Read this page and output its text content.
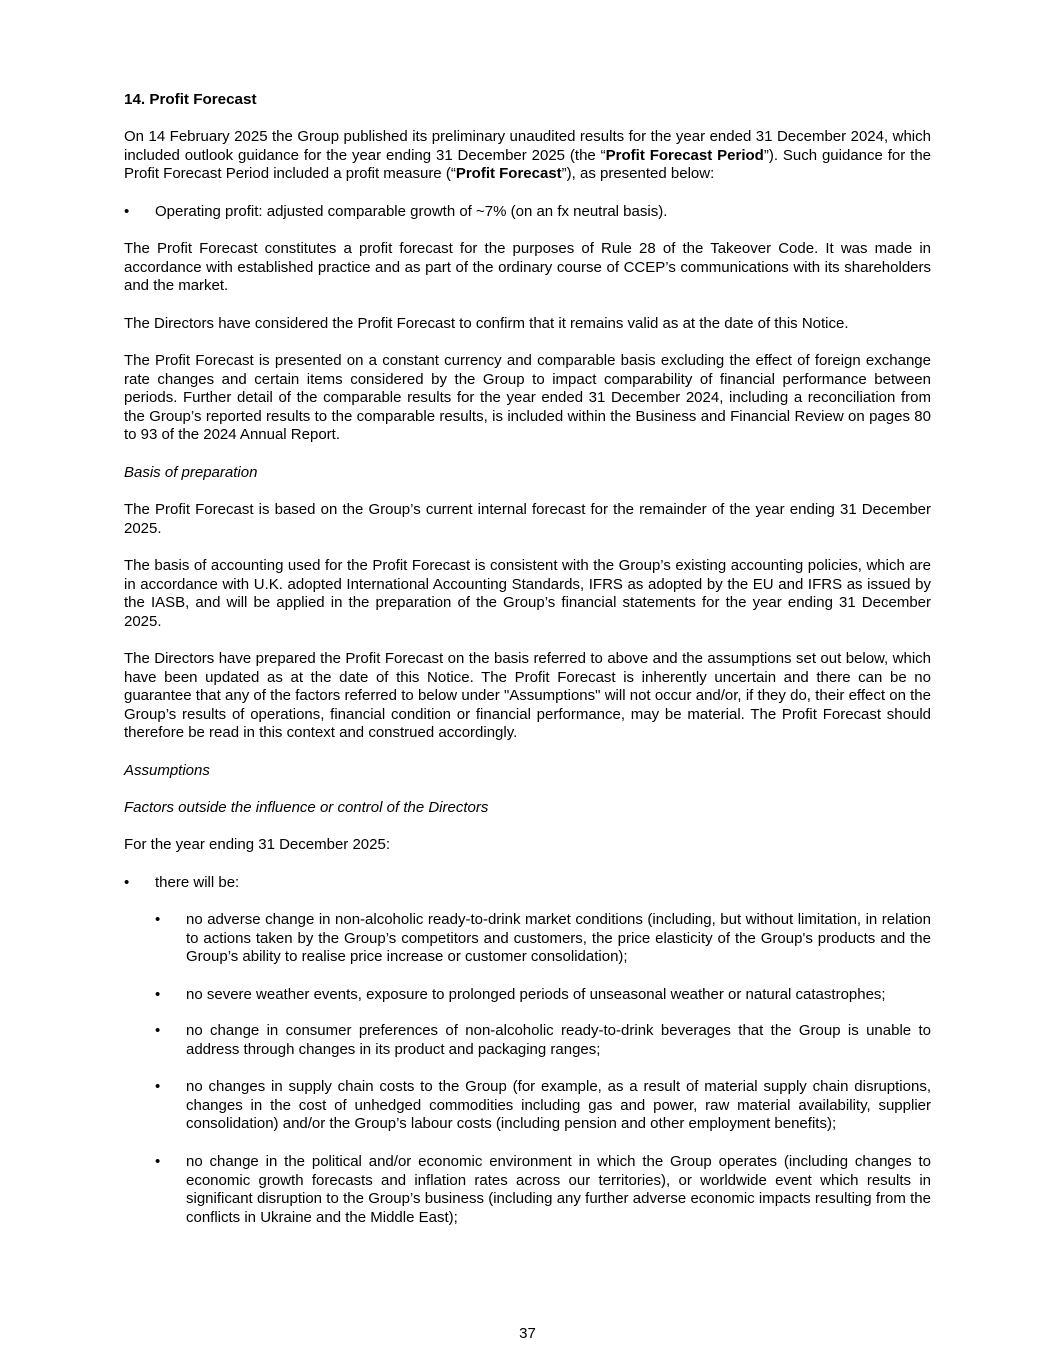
14. Profit Forecast

On 14 February 2025 the Group published its preliminary unaudited results for the year ended 31 December 2024, which included outlook guidance for the year ending 31 December 2025 (the “Profit Forecast Period”). Such guidance for the Profit Forecast Period included a profit measure (“Profit Forecast”), as presented below:

• Operating profit: adjusted comparable growth of ~7% (on an fx neutral basis).

The Profit Forecast constitutes a profit forecast for the purposes of Rule 28 of the Takeover Code. It was made in accordance with established practice and as part of the ordinary course of CCEP’s communications with its shareholders and the market.

The Directors have considered the Profit Forecast to confirm that it remains valid as at the date of this Notice.

The Profit Forecast is presented on a constant currency and comparable basis excluding the effect of foreign exchange rate changes and certain items considered by the Group to impact comparability of financial performance between periods. Further detail of the comparable results for the year ended 31 December 2024, including a reconciliation from the Group’s reported results to the comparable results, is included within the Business and Financial Review on pages 80 to 93 of the 2024 Annual Report.

Basis of preparation

The Profit Forecast is based on the Group’s current internal forecast for the remainder of the year ending 31 December 2025.

The basis of accounting used for the Profit Forecast is consistent with the Group’s existing accounting policies, which are in accordance with U.K. adopted International Accounting Standards, IFRS as adopted by the EU and IFRS as issued by the IASB, and will be applied in the preparation of the Group’s financial statements for the year ending 31 December 2025.

The Directors have prepared the Profit Forecast on the basis referred to above and the assumptions set out below, which have been updated as at the date of this Notice. The Profit Forecast is inherently uncertain and there can be no guarantee that any of the factors referred to below under "Assumptions" will not occur and/or, if they do, their effect on the Group’s results of operations, financial condition or financial performance, may be material. The Profit Forecast should therefore be read in this context and construed accordingly.

Assumptions

Factors outside the influence or control of the Directors

For the year ending 31 December 2025:

• there will be:
• no adverse change in non-alcoholic ready-to-drink market conditions (including, but without limitation, in relation to actions taken by the Group’s competitors and customers, the price elasticity of the Group's products and the Group’s ability to realise price increase or customer consolidation);
• no severe weather events, exposure to prolonged periods of unseasonal weather or natural catastrophes;
• no change in consumer preferences of non-alcoholic ready-to-drink beverages that the Group is unable to address through changes in its product and packaging ranges;
• no changes in supply chain costs to the Group (for example, as a result of material supply chain disruptions, changes in the cost of unhedged commodities including gas and power, raw material availability, supplier consolidation) and/or the Group’s labour costs (including pension and other employment benefits);
• no change in the political and/or economic environment in which the Group operates (including changes to economic growth forecasts and inflation rates across our territories), or worldwide event which results in significant disruption to the Group’s business (including any further adverse economic impacts resulting from the conflicts in Ukraine and the Middle East);
37
